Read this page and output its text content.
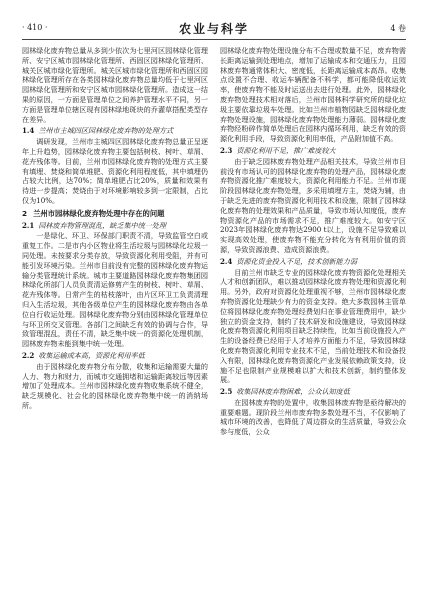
· 410 ·	农业与科学	4 卷

园林绿化废弃物总量从多到少依次为七里河区园林绿化管理所、安宁区城市园林绿化管理所、西固区园林绿化管理所、城关区城市绿化管理所。城关区城市绿化管理所和西固区园林绿化管理所存在各类园林绿化废弃物总量均低于七里河区园林绿化管理所和安宁区城市园林绿化管理所。造成这一结果的原因，一方面是管理单位之间养护管理水平不同，另一方面是管理单位辖区现有园林绿地斑块的乔灌草搭配类型存在差异。

1.4 兰州市主城四区园林绿化废弃物的处理方式

调研发现，兰州市主城四区园林绿化废弃物总量正呈逐年上升趋势，园林绿化废弃物主要包括树枝、树叶、草屑、花卉残体等。目前，兰州市园林绿化废弃物的处理方式主要有填埋、焚烧和简单堆肥、资源化利用程度低，其中填埋仍占较大比例，达70%；简单堆肥占比20%，质量和效果有待进一步提高；焚烧由于对环境影响较多到一定限制，占比仅为10%。

2 兰州市园林绿化废弃物处理中存在的问题
2.1 园林废弃物管理混乱，缺乏集中统一处理

一是绿化、环卫、环保部门职责不清，导致监管空白或重复工作。二是市内小区物业将生活垃圾与园林绿化垃圾一同处理。未按要求分类存放，导致资源化利用受阻，并有可能引发环境污染。兰州市目前没有完整的园林绿化废弃物运输分类管理统计系统。城市主要道路园林绿化废弃物集团园林绿化所部门人员负责清运修剪产生的树枝、树叶、草屑、花卉残体等。日常产生的枯枝落叶，由片区环卫工负责清理归入生活垃圾，其他各级单位产生的园林绿化废弃物由各单位自行收运处理。园林绿化废弃物分别由园林绿化管理单位与环卫所交叉管理。各部门之间缺乏有效的协调与合作，导致管理混乱，责任不清，缺乏集中统一的资源化处理机制，园林废弃物未能到集中统一处理。

2.2 收集运输成本高，资源化利用率低

由于园林绿化废弃物分布分散，收集和运输需要大量的人力、物力和财力，而城市交通拥堵和运输距离较远等因素增加了处理成本。兰州市园林绿化废弃物收集系统不健全，缺乏规模化、社会化的园林绿化废弃物集中统一的消纳场所。

园林绿化废弃物处理设施分布不合理或数量不足，废弃物需长距离运输到处理地点，增加了运输成本和交通压力，且园林废弃物通常体积大、密度低，长距离运输成本高昂。收集点设置不合理、收运车辆配备不科学，都可能降低收运效率，使废弃物不能及时运送出去进行处理。此外，园林绿化废弃物处理技术相对落后，兰州市园林科学研究所的绿化垃圾主要依靠垃圾车处理。比如兰州市植物园缺乏园林绿化废弃物处理设施，园林绿化废弃物处理能力薄弱。园林绿化废弃物经粉碎作简单处理后在园林内循环利用，缺乏有效的资源化利用手段，导致资源化利用率低，产品附加值不高。

2.3 资源化利用不足，推广难度较大

由于缺乏园林废弃物处理产品相关技术，导致兰州市目前没有市场认可的园林绿化废弃物的处理产品，园林绿化废弃物资源化推广难度较大，资源化利用能力不足。兰州市现阶段园林绿化废弃物处理，多采用填埋方主，焚烧为辅，由于缺乏先进的废弃物资源化利用技术和设施，限制了园林绿化废弃物的处理效果和产品质量，导致市场认知度低，废弃物资源化产品的市场需求不足，推广难度较大。如安宁区2023年园林绿化废弃物达2900 t以上，设施不足导致难以实现高效处理，使废弃物不能充分转化为有利用价值的资源，导致资源浪费、造成资源浪费。

2.4 资源化资金投入不足，技术创新能力弱

目前兰州市缺乏专业的园林绿化废弃物资源化处理相关人才和创新团队，难以推动园林绿化废弃物处理和资源化利用。另外，政府对资源化处理重视不够，兰州市园林绿化废弃物资源化处理缺少有力的资金支持。绝大多数园林主管单位将园林绿化废弃物处理经费划归在事业管理费用中，缺少独立的资金支持，制约了技术研发和设施建设，导致园林绿化废弃物资源化利用项目缺乏持续性，比如当前设施投入产生的设备经费已经用于人才培养方面能力不足，导致园林绿化废弃物资源化利用专业技术不足，当前处理技术和设备投入有限，园林绿化废弃物资源化产业发展依赖政策支持，设施不足也限制产业规模难以扩大和技术创新，制约整体发展。

2.5 收集园林废弃物困难，公众认知度低

在园林废弃物的处置中，收集园林废弃物是亟待解决的重要难题。现阶段兰州市废弃物多数处理不当，不仅影响了城市环境的改善，也降低了周边群众的生活质量，导致公众参与度低，公众
